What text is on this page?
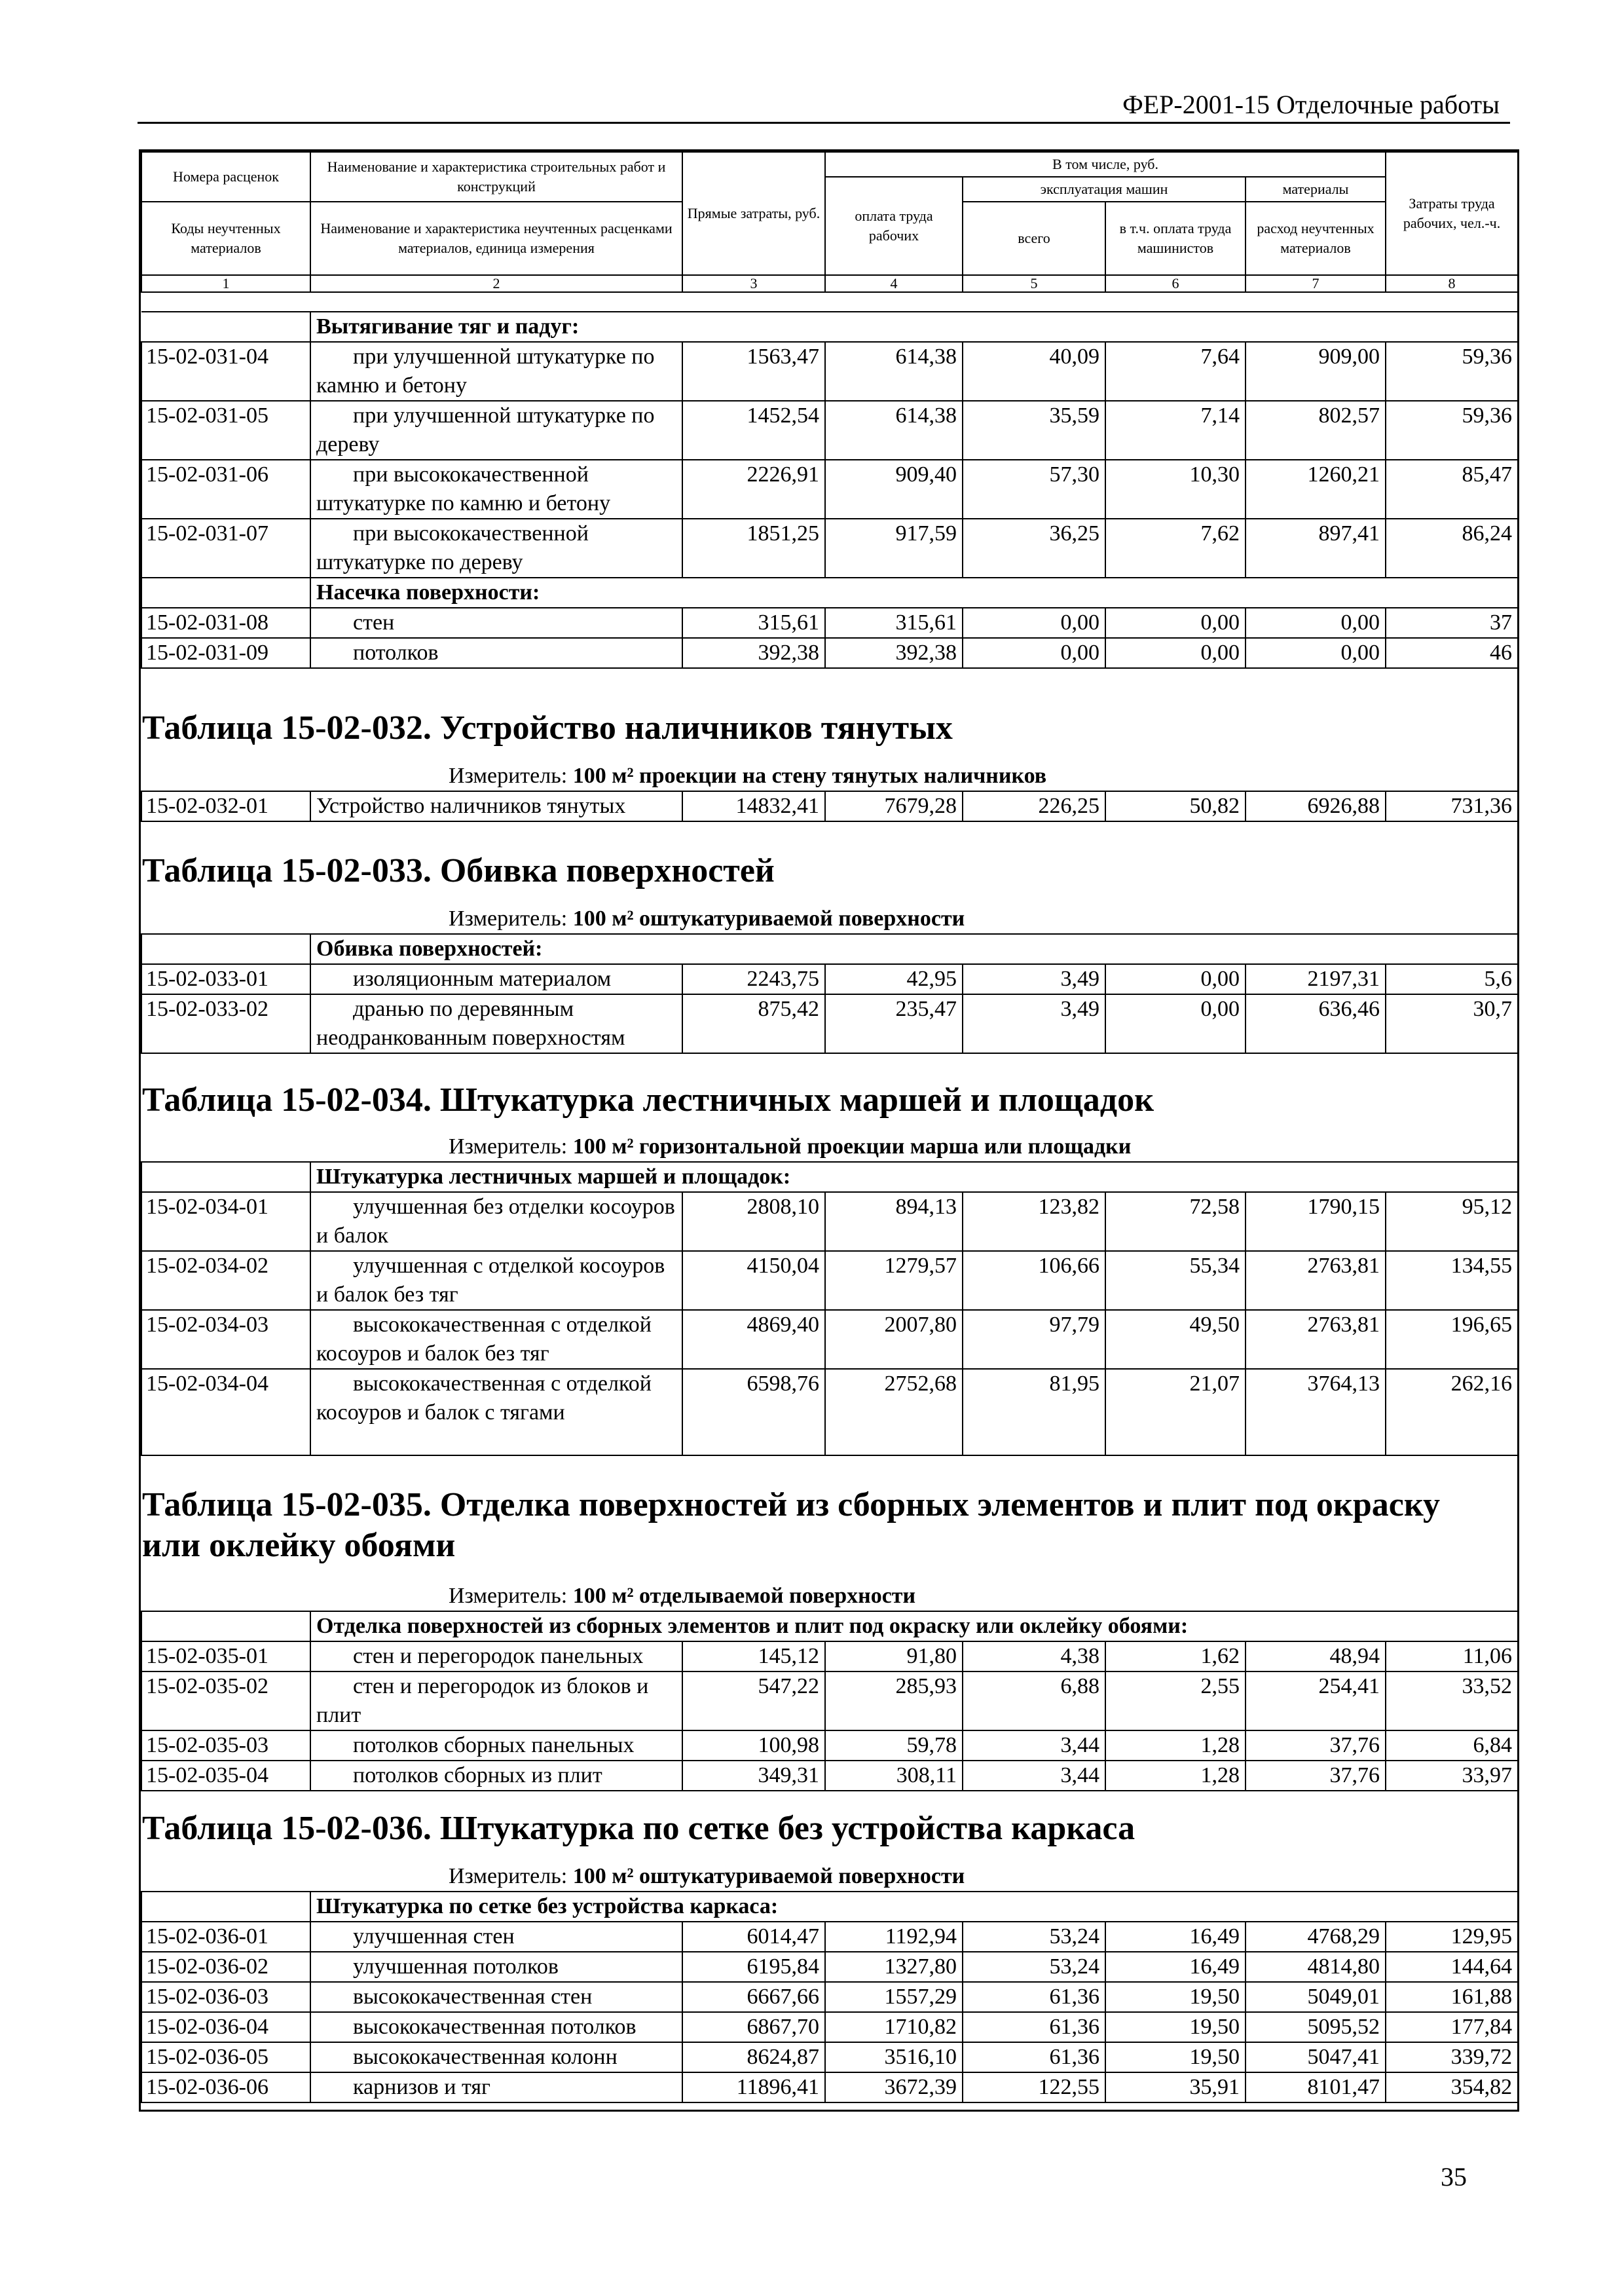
ФЕР-2001-15 Отделочные работы
Номера расценок	Наименование и характеристика строительных работ и конструкций	Прямые затраты, руб.	В том числе, руб.				Затраты труда рабочих, чел.-ч.
			оплата труда рабочих	эксплуатация машин		материалы	
Коды неучтенных материалов	Наименование и характеристика неучтенных расценками материалов, единица измерения			всего	в т.ч. оплата труда машинистов	расход неучтенных материалов	

1	2	3	4	5	6	7	8
	Вытягивание тяг и падуг:						
15-02-031-04	при улучшенной штукатурке по камню и бетону	1563,47	614,38	40,09	7,64	909,00	59,36
15-02-031-05	при улучшенной штукатурке по дереву	1452,54	614,38	35,59	7,14	802,57	59,36
15-02-031-06	при высококачественной штукатурке по камню и бетону	2226,91	909,40	57,30	10,30	1260,21	85,47
15-02-031-07	при высококачественной штукатурке по дереву	1851,25	917,59	36,25	7,62	897,41	86,24
	Насечка поверхности:						
15-02-031-08	стен	315,61	315,61	0,00	0,00	0,00	37
15-02-031-09	потолков	392,38	392,38	0,00	0,00	0,00	46
Таблица 15-02-032. Устройство наличников тянутых
Измеритель: 100 м² проекции на стену тянутых наличников
15-02-032-01	Устройство наличников тянутых	14832,41	7679,28	226,25	50,82	6926,88	731,36
Таблица 15-02-033. Обивка поверхностей
Измеритель: 100 м² оштукатуриваемой поверхности
	Обивка поверхностей:						
15-02-033-01	изоляционным материалом	2243,75	42,95	3,49	0,00	2197,31	5,6
15-02-033-02	дранью по деревянным неодранкованным поверхностям	875,42	235,47	3,49	0,00	636,46	30,7
Таблица 15-02-034. Штукатурка лестничных маршей и площадок
Измеритель: 100 м² горизонтальной проекции марша или площадки
	Штукатурка лестничных маршей и площадок:						
15-02-034-01	улучшенная без отделки косоуров и балок	2808,10	894,13	123,82	72,58	1790,15	95,12
15-02-034-02	улучшенная с отделкой косоуров и балок без тяг	4150,04	1279,57	106,66	55,34	2763,81	134,55
15-02-034-03	высококачественная с отделкой косоуров и балок без тяг	4869,40	2007,80	97,79	49,50	2763,81	196,65
15-02-034-04	высококачественная с отделкой косоуров и балок с тягами	6598,76	2752,68	81,95	21,07	3764,13	262,16
Таблица 15-02-035. Отделка поверхностей из сборных элементов и плит под окраску или оклейку обоями
Измеритель: 100 м² отделываемой поверхности
	Отделка поверхностей из сборных элементов и плит под окраску или оклейку обоями:						
15-02-035-01	стен и перегородок панельных	145,12	91,80	4,38	1,62	48,94	11,06
15-02-035-02	стен и перегородок из блоков и плит	547,22	285,93	6,88	2,55	254,41	33,52
15-02-035-03	потолков сборных панельных	100,98	59,78	3,44	1,28	37,76	6,84
15-02-035-04	потолков сборных из плит	349,31	308,11	3,44	1,28	37,76	33,97
Таблица 15-02-036. Штукатурка по сетке без устройства каркаса
Измеритель: 100 м² оштукатуриваемой поверхности
	Штукатурка по сетке без устройства каркаса:						
15-02-036-01	улучшенная стен	6014,47	1192,94	53,24	16,49	4768,29	129,95
15-02-036-02	улучшенная потолков	6195,84	1327,80	53,24	16,49	4814,80	144,64
15-02-036-03	высококачественная стен	6667,66	1557,29	61,36	19,50	5049,01	161,88
15-02-036-04	высококачественная потолков	6867,70	1710,82	61,36	19,50	5095,52	177,84
15-02-036-05	высококачественная колонн	8624,87	3516,10	61,36	19,50	5047,41	339,72
15-02-036-06	карнизов и тяг	11896,41	3672,39	122,55	35,91	8101,47	354,82
35
